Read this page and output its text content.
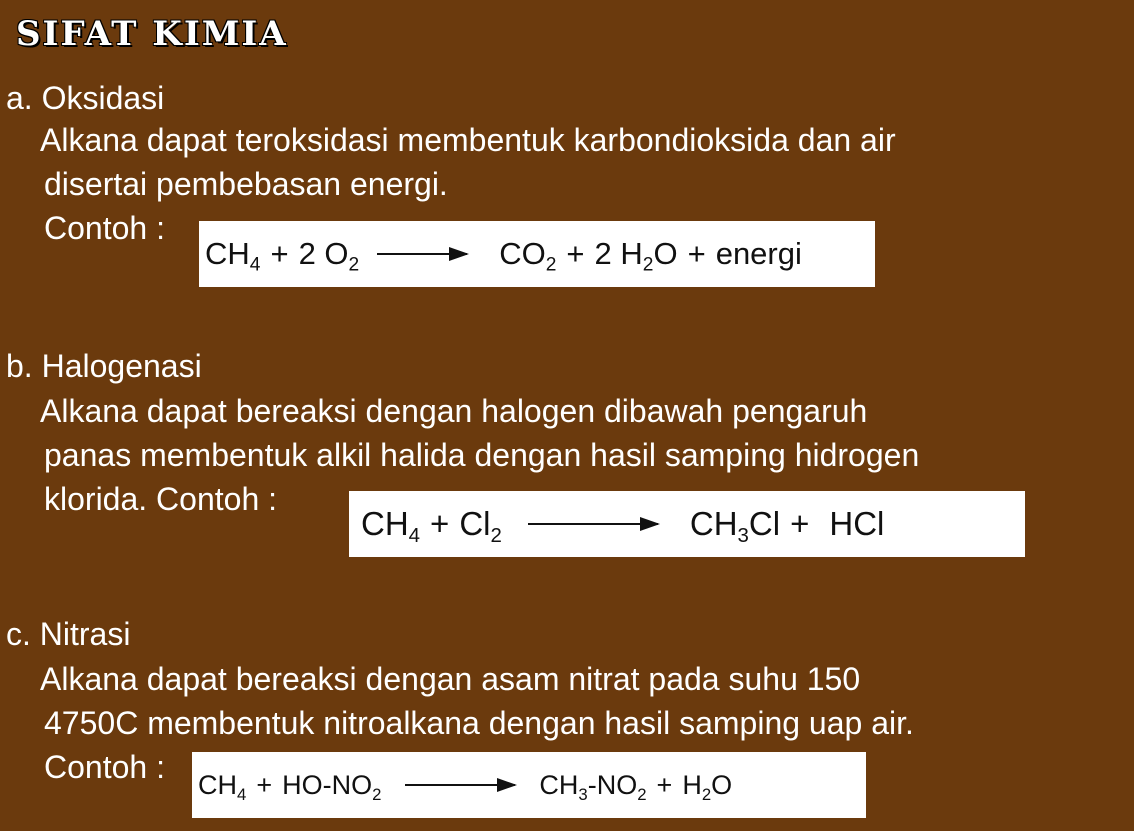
SIFAT KIMIA
a. Oksidasi
Alkana dapat teroksidasi membentuk karbondioksida dan air
disertai pembebasan energi.
Contoh :
$CH_4 + 2$ $O_2 \to CO_2 + 2$ $H_2O$ + energi
b. Halogenasi
Alkana dapat bereaksi dengan halogen dibawah pengaruh
panas membentuk alkil halida dengan hasil samping hidrogen
klorida. Contoh :
$CH_4 + Cl_2 \to CH_3Cl$ + HCl
c. Nitrasi
Alkana dapat bereaksi dengan asam nitrat pada suhu 150
4750C membentuk nitroalkana dengan hasil samping uap air.
Contoh :	$CH_4 + HO-NO_2$	$CH_3-NO_2 + H_2O$
